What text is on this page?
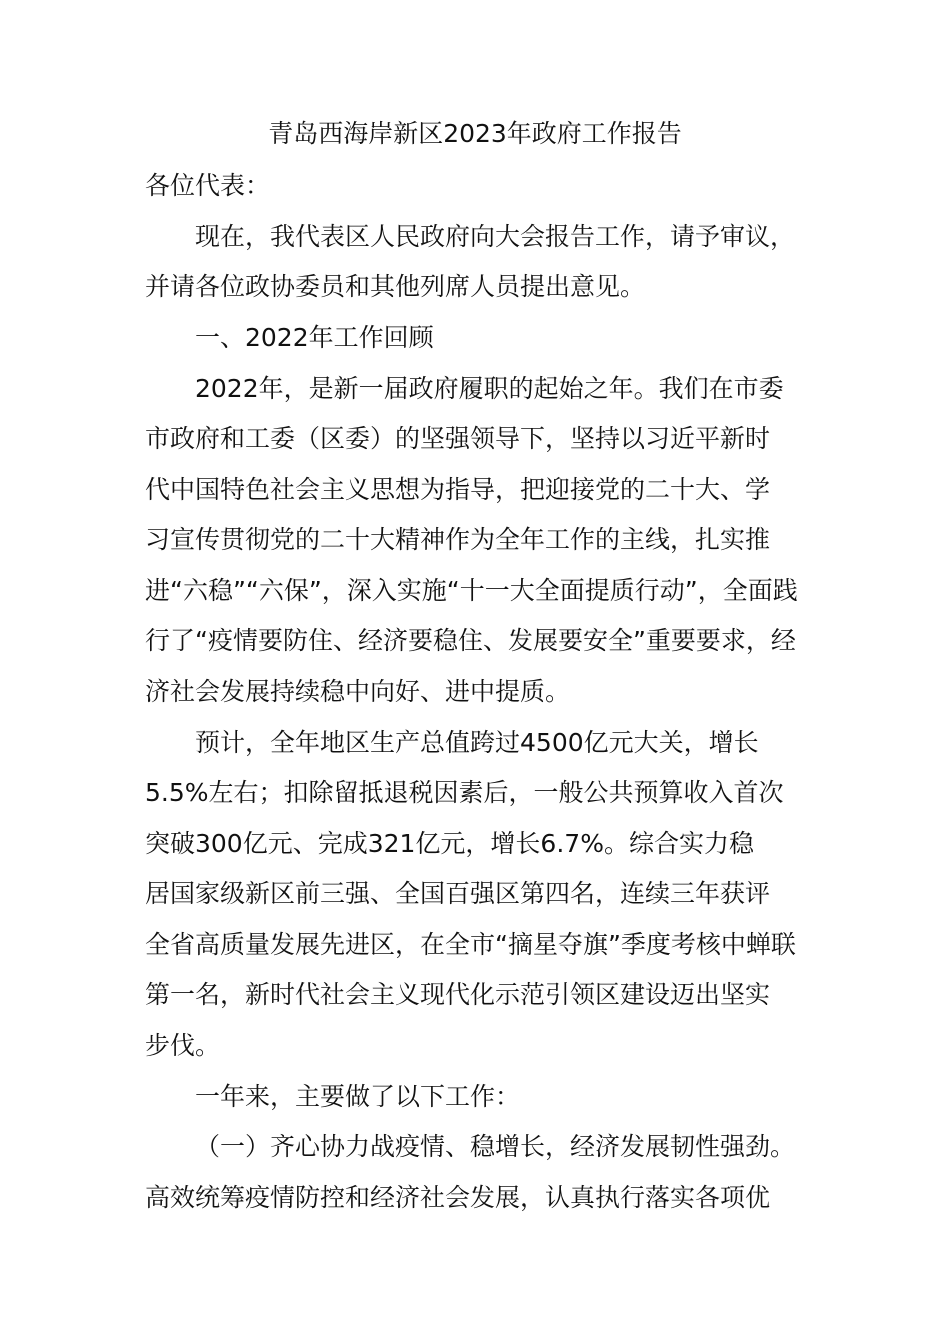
青岛西海岸新区2023年政府工作报告
各位代表：
现在，我代表区人民政府向大会报告工作，请予审议，
并请各位政协委员和其他列席人员提出意见。
一、2022年工作回顾
2022年，是新一届政府履职的起始之年。我们在市委
市政府和工委（区委）的坚强领导下，坚持以习近平新时
代中国特色社会主义思想为指导，把迎接党的二十大、学
习宣传贯彻党的二十大精神作为全年工作的主线，扎实推
进“六稳”“六保”，深入实施“十一大全面提质行动”，全面践
行了“疫情要防住、经济要稳住、发展要安全”重要要求，经
济社会发展持续稳中向好、进中提质。
预计，全年地区生产总值跨过4500亿元大关，增长
5.5%左右；扣除留抵退税因素后，一般公共预算收入首次
突破300亿元、完成321亿元，增长6.7%。综合实力稳
居国家级新区前三强、全国百强区第四名，连续三年获评
全省高质量发展先进区，在全市“摘星夺旗”季度考核中蝉联
第一名，新时代社会主义现代化示范引领区建设迈出坚实
步伐。
一年来，主要做了以下工作：
（一）齐心协力战疫情、稳增长，经济发展韧性强劲。
高效统筹疫情防控和经济社会发展，认真执行落实各项优
